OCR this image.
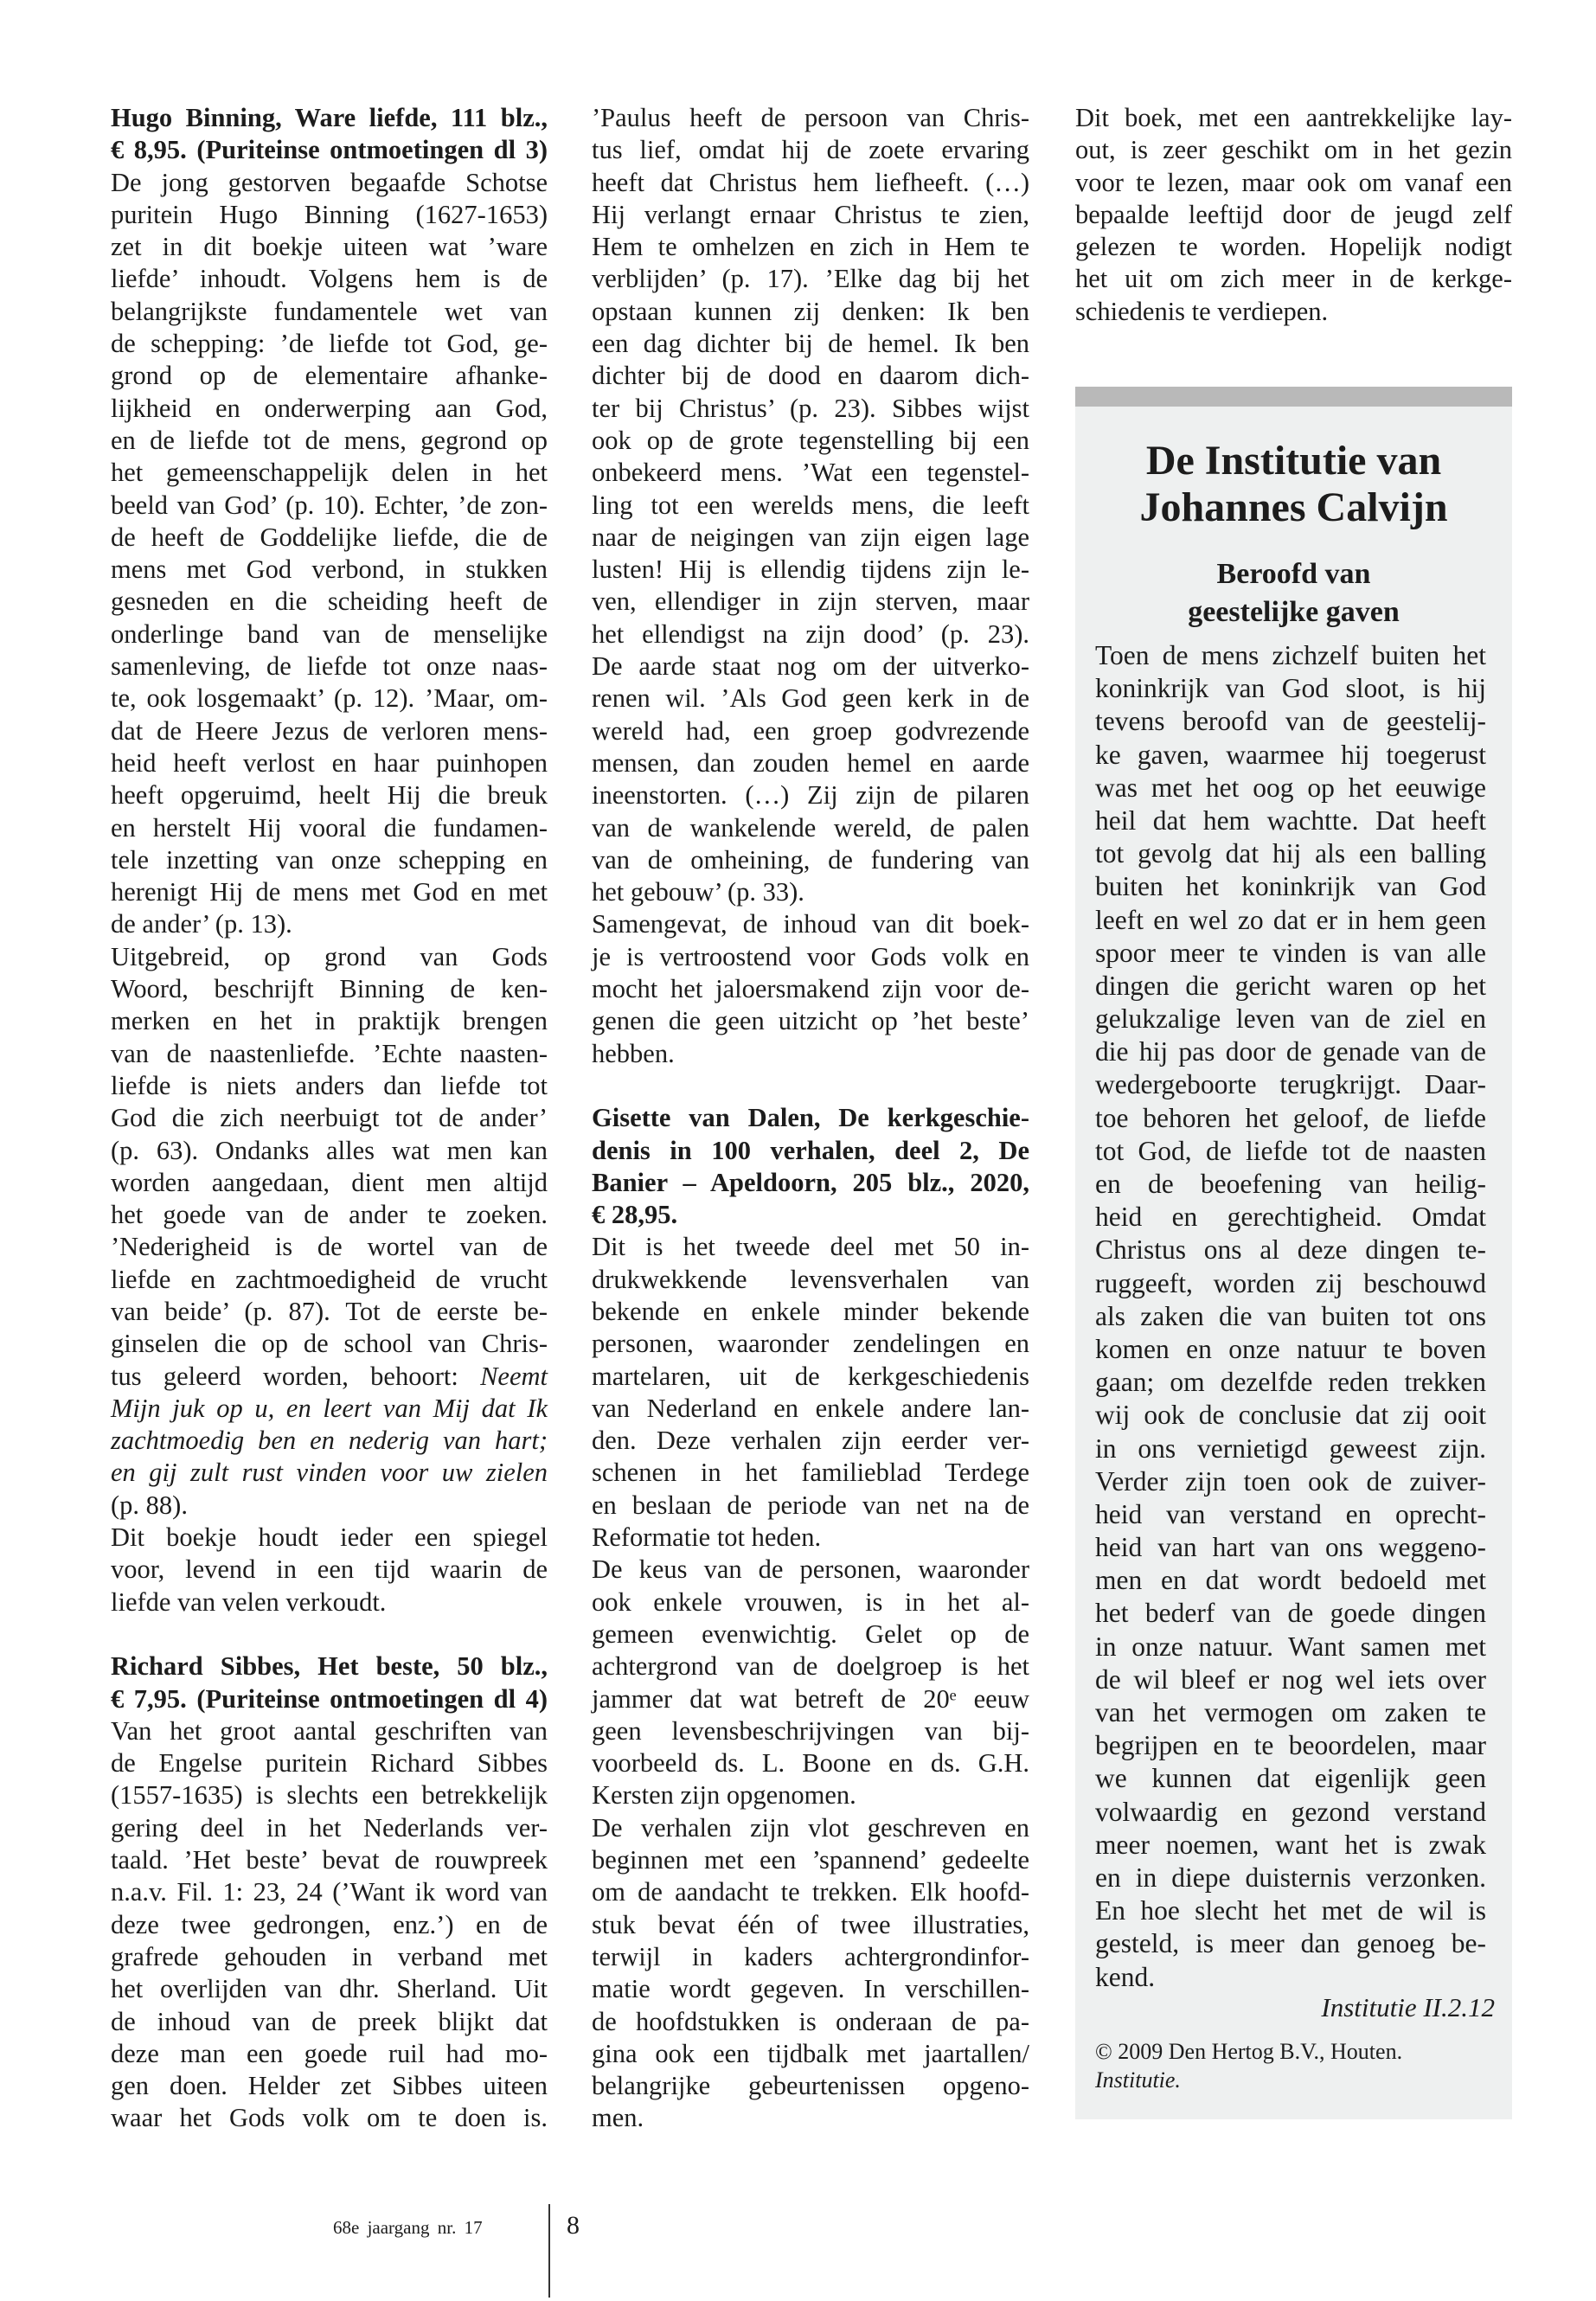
Hugo Binning, Ware liefde, 111 blz.,
€ 8,95. (Puriteinse ontmoetingen dl 3)
De jong gestorven begaafde Schotse
puritein Hugo Binning (1627-1653)
zet in dit boekje uiteen wat ’ware
liefde’ inhoudt. Volgens hem is de
belangrijkste fundamentele wet van
de schepping: ’de liefde tot God, ge-
grond op de elementaire afhanke-
lijkheid en onderwerping aan God,
en de liefde tot de mens, gegrond op
het gemeenschappelijk delen in het
beeld van God’ (p. 10). Echter, ’de zon-
de heeft de Goddelijke liefde, die de
mens met God verbond, in stukken
gesneden en die scheiding heeft de
onderlinge band van de menselijke
samenleving, de liefde tot onze naas-
te, ook losgemaakt’ (p. 12). ’Maar, om-
dat de Heere Jezus de verloren mens-
heid heeft verlost en haar puinhopen
heeft opgeruimd, heelt Hij die breuk
en herstelt Hij vooral die fundamen-
tele inzetting van onze schepping en
herenigt Hij de mens met God en met
de ander’ (p. 13).
Uitgebreid, op grond van Gods
Woord, beschrijft Binning de ken-
merken en het in praktijk brengen
van de naastenliefde. ’Echte naasten-
liefde is niets anders dan liefde tot
God die zich neerbuigt tot de ander’
(p. 63). Ondanks alles wat men kan
worden aangedaan, dient men altijd
het goede van de ander te zoeken.
’Nederigheid is de wortel van de
liefde en zachtmoedigheid de vrucht
van beide’ (p. 87). Tot de eerste be-
ginselen die op de school van Chris-
tus geleerd worden, behoort: Neemt
Mijn juk op u, en leert van Mij dat Ik
zachtmoedig ben en nederig van hart;
en gij zult rust vinden voor uw zielen
(p. 88).
Dit boekje houdt ieder een spiegel
voor, levend in een tijd waarin de
liefde van velen verkoudt.
Richard Sibbes, Het beste, 50 blz.,
€ 7,95. (Puriteinse ontmoetingen dl 4)
Van het groot aantal geschriften van
de Engelse puritein Richard Sibbes
(1557-1635) is slechts een betrekkelijk
gering deel in het Nederlands ver-
taald. ’Het beste’ bevat de rouwpreek
n.a.v. Fil. 1: 23, 24 (’Want ik word van
deze twee gedrongen, enz.’) en de
grafrede gehouden in verband met
het overlijden van dhr. Sherland. Uit
de inhoud van de preek blijkt dat
deze man een goede ruil had mo-
gen doen. Helder zet Sibbes uiteen
waar het Gods volk om te doen is.
’Paulus heeft de persoon van Chris-
tus lief, omdat hij de zoete ervaring
heeft dat Christus hem liefheeft. (…)
Hij verlangt ernaar Christus te zien,
Hem te omhelzen en zich in Hem te
verblijden’ (p. 17). ’Elke dag bij het
opstaan kunnen zij denken: Ik ben
een dag dichter bij de hemel. Ik ben
dichter bij de dood en daarom dich-
ter bij Christus’ (p. 23). Sibbes wijst
ook op de grote tegenstelling bij een
onbekeerd mens. ’Wat een tegenstel-
ling tot een werelds mens, die leeft
naar de neigingen van zijn eigen lage
lusten! Hij is ellendig tijdens zijn le-
ven, ellendiger in zijn sterven, maar
het ellendigst na zijn dood’ (p. 23).
De aarde staat nog om der uitverko-
renen wil. ’Als God geen kerk in de
wereld had, een groep godvrezende
mensen, dan zouden hemel en aarde
ineenstorten. (…) Zij zijn de pilaren
van de wankelende wereld, de palen
van de omheining, de fundering van
het gebouw’ (p. 33).
Samengevat, de inhoud van dit boek-
je is vertroostend voor Gods volk en
mocht het jaloersmakend zijn voor de-
genen die geen uitzicht op ’het beste’
hebben.
Gisette van Dalen, De kerkgeschie-
denis in 100 verhalen, deel 2, De
Banier – Apeldoorn, 205 blz., 2020,
€ 28,95.
Dit is het tweede deel met 50 in-
drukwekkende levensverhalen van
bekende en enkele minder bekende
personen, waaronder zendelingen en
martelaren, uit de kerkgeschiedenis
van Nederland en enkele andere lan-
den. Deze verhalen zijn eerder ver-
schenen in het familieblad Terdege
en beslaan de periode van net na de
Reformatie tot heden.
De keus van de personen, waaronder
ook enkele vrouwen, is in het al-
gemeen evenwichtig. Gelet op de
achtergrond van de doelgroep is het
jammer dat wat betreft de 20ᵉ eeuw
geen levensbeschrijvingen van bij-
voorbeeld ds. L. Boone en ds. G.H.
Kersten zijn opgenomen.
De verhalen zijn vlot geschreven en
beginnen met een ’spannend’ gedeelte
om de aandacht te trekken. Elk hoofd-
stuk bevat één of twee illustraties,
terwijl in kaders achtergrondinfor-
matie wordt gegeven. In verschillen-
de hoofdstukken is onderaan de pa-
gina ook een tijdbalk met jaartallen/
belangrijke gebeurtenissen opgeno-
men.
Dit boek, met een aantrekkelijke lay-
out, is zeer geschikt om in het gezin
voor te lezen, maar ook om vanaf een
bepaalde leeftijd door de jeugd zelf
gelezen te worden. Hopelijk nodigt
het uit om zich meer in de kerkge-
schiedenis te verdiepen.
De Institutie van
Johannes Calvijn
Beroofd van
geestelijke gaven
Toen de mens zichzelf buiten het
koninkrijk van God sloot, is hij
tevens beroofd van de geestelij-
ke gaven, waarmee hij toegerust
was met het oog op het eeuwige
heil dat hem wachtte. Dat heeft
tot gevolg dat hij als een balling
buiten het koninkrijk van God
leeft en wel zo dat er in hem geen
spoor meer te vinden is van alle
dingen die gericht waren op het
gelukzalige leven van de ziel en
die hij pas door de genade van de
wedergeboorte terugkrijgt. Daar-
toe behoren het geloof, de liefde
tot God, de liefde tot de naasten
en de beoefening van heilig-
heid en gerechtigheid. Omdat
Christus ons al deze dingen te-
ruggeeft, worden zij beschouwd
als zaken die van buiten tot ons
komen en onze natuur te boven
gaan; om dezelfde reden trekken
wij ook de conclusie dat zij ooit
in ons vernietigd geweest zijn.
Verder zijn toen ook de zuiver-
heid van verstand en oprecht-
heid van hart van ons weggeno-
men en dat wordt bedoeld met
het bederf van de goede dingen
in onze natuur. Want samen met
de wil bleef er nog wel iets over
van het vermogen om zaken te
begrijpen en te beoordelen, maar
we kunnen dat eigenlijk geen
volwaardig en gezond verstand
meer noemen, want het is zwak
en in diepe duisternis verzonken.
En hoe slecht het met de wil is
gesteld, is meer dan genoeg be-
kend.
Institutie II.2.12
© 2009 Den Hertog B.V., Houten.
Institutie.
68e jaargang nr. 17	8
